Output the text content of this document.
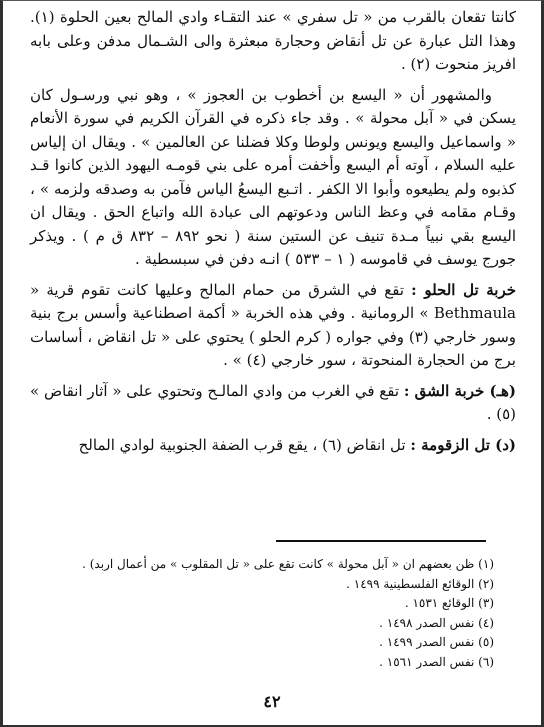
كانتا تقعان بالقرب من « تل سفري » عند التقـاء وادي المالح بعين الحلوة (١). وهذا التل عبارة عن تل أنقاض وحجارة مبعثرة والى الشـمال مدفن وعلى بابه افريز منحوت (٢) .

والمشهور أن « اليسع بن أخطوب بن العجوز » ، وهو نبي ورسـول كان يسكن في « آبل محولة » . وقد جاء ذكره في القرآن الكريم في سورة الأنعام « واسماعيل واليسع ويونس ولوطا وكلا فضلنا عن العالمين » . ويقال ان إلياس عليه السلام ، آوته أم اليسع وأخفت أمره على بني قومـه اليهود الذين كانوا قـد كذبوه ولم يطيعوه وأبوا الا الكفر . اتـبع اليسعُ الياس فآمن به وصدقه ولزمه » ، وقـام مقامه في وعظ الناس ودعوتهم الى عبادة الله واتباع الحق . ويقال ان اليسع بقي نبياً مـدة تنيف عن الستين سنة ( نحو ٨٩٢ – ٨٣٢ ق م ) . ويذكر جورج يوسف في قاموسه ( ١ – ٥٣٣ ) انـه دفن في سبسطية .

خربة تل الحلو : تقع في الشرق من حمام المالح وعليها كانت تقوم قرية « Bethmaula » الرومانية . وفي هذه الخربة « أكمة اصطناعية وأسس برج بنية وسور خارجي (٣) وفي جواره ( كرم الحلو ) يحتوي على « تل انقاض ، أساسات برج من الحجارة المنحوتة ، سور خارجي (٤) » .

(هـ) خربة الشق : تقع في الغرب من وادي المالـح وتحتوي على « آثار انقاض » (٥) .

(د) تل الزقومة : تل انقاض (٦) ، يقع قرب الضفة الجنوبية لوادي المالح

(١) ظن بعضهم ان « آبل محولة » كانت تقع على « تل المقلوب » من أعمال اربد) .
(٢) الوقائع الفلسطينية ١٤٩٩ .
(٣) الوقائع ١٥٣١ .
(٤) نفس الصدر ١٤٩٨ .
(٥) نفس الصدر ١٤٩٩ .
(٦) نفس الصدر ١٥٦١ .
٤٢
